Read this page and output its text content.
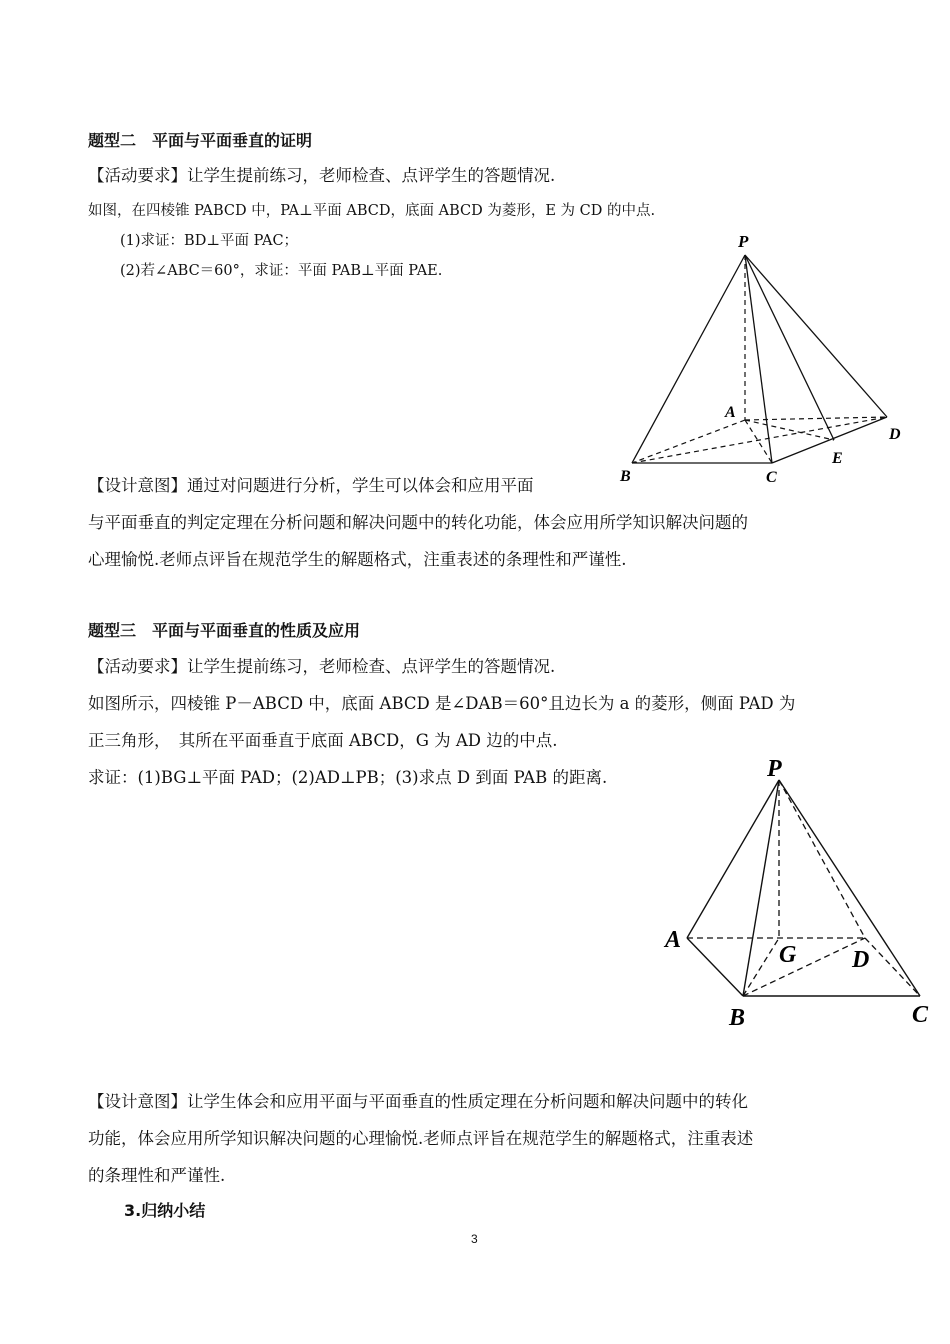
题型二　平面与平面垂直的证明
【活动要求】让学生提前练习，老师检查、点评学生的答题情况.
如图，在四棱锥 PABCD 中，PA⊥平面 ABCD，底面 ABCD 为菱形，E 为 CD 的中点.
(1)求证：BD⊥平面 PAC；
(2)若∠ABC＝60°，求证：平面 PAB⊥平面 PAE.
P
A
B	C
D
E
【设计意图】通过对问题进行分析，学生可以体会和应用平面
与平面垂直的判定定理在分析问题和解决问题中的转化功能，体会应用所学知识解决问题的
心理愉悦.老师点评旨在规范学生的解题格式，注重表述的条理性和严谨性.
题型三　平面与平面垂直的性质及应用
【活动要求】让学生提前练习，老师检查、点评学生的答题情况.
如图所示，四棱锥 P－ABCD 中，底面 ABCD 是∠DAB＝60°且边长为 a 的菱形，侧面 PAD 为
正三角形，　其所在平面垂直于底面 ABCD，G 为 AD 边的中点.
求证：(1)BG⊥平面 PAD；(2)AD⊥PB；(3)求点 D 到面 PAB 的距离.	P
A
G D
B	C
【设计意图】让学生体会和应用平面与平面垂直的性质定理在分析问题和解决问题中的转化
功能，体会应用所学知识解决问题的心理愉悦.老师点评旨在规范学生的解题格式，注重表述
的条理性和严谨性.
3.归纳小结
3
